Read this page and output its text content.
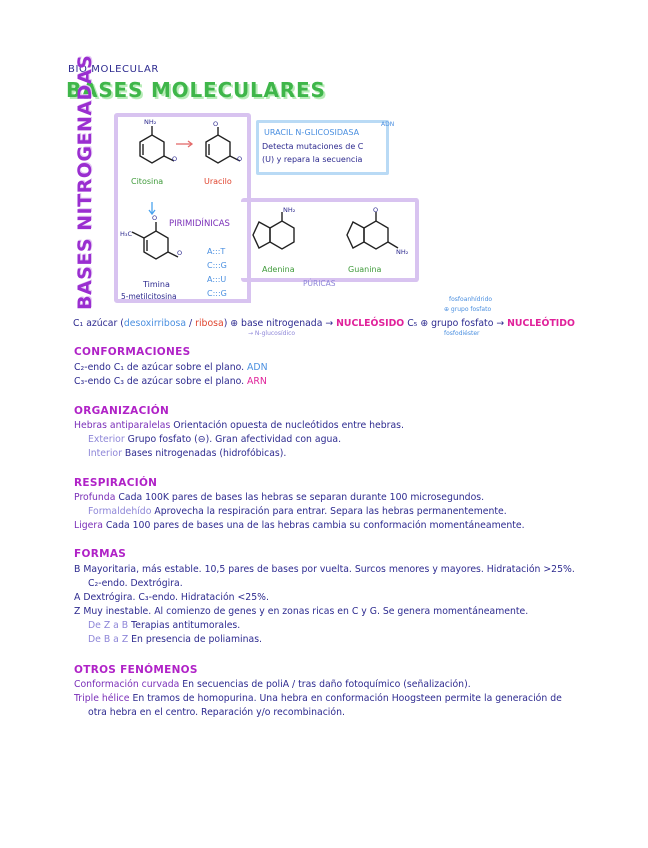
BIO MOLECULAR
BASES MOLECULARES
BASES NITROGENADAS	NH₂	O
O
O
H₃C
O
O
NH₂	O
NH₂
Citosina	Uracilo
Timina
5-metilcitosina
Adenina	Guanina
PIRIMIDÍNICAS
PÚRICAS
A:::T
C:::G
A:::U
C:::G
URACIL N-GLICOSIDASA
ADN
Detecta mutaciones de C
(U) y repara la secuencia
fosfoanhídrido
⊕ grupo fosfato
C₁ azúcar (desoxirribosa / ribosa) ⊕ base nitrogenada → NUCLEÓSIDO C₅ ⊕ grupo fosfato → NUCLEÓTIDO
→ N-glucosídico	fosfodiéster
CONFORMACIONES
C₂-endo C₁ de azúcar sobre el plano. ADN
C₃-endo C₃ de azúcar sobre el plano. ARN
ORGANIZACIÓN
Hebras antiparalelas Orientación opuesta de nucleótidos entre hebras.
Exterior Grupo fosfato (⊖). Gran afectividad con agua.
Interior Bases nitrogenadas (hidrofóbicas).
RESPIRACIÓN
Profunda Cada 100K pares de bases las hebras se separan durante 100 microsegundos.
Formaldehído Aprovecha la respiración para entrar. Separa las hebras permanentemente.
Ligera Cada 100 pares de bases una de las hebras cambia su conformación momentáneamente.
FORMAS
B Mayoritaria, más estable. 10,5 pares de bases por vuelta. Surcos menores y mayores. Hidratación >25%.
C₂-endo. Dextrógira.
A Dextrógira. C₃-endo. Hidratación <25%.
Z Muy inestable. Al comienzo de genes y en zonas ricas en C y G. Se genera momentáneamente.
De Z a B Terapias antitumorales.
De B a Z En presencia de poliaminas.
OTROS FENÓMENOS
Conformación curvada En secuencias de poliA / tras daño fotoquímico (señalización).
Triple hélice En tramos de homopurina. Una hebra en conformación Hoogsteen permite la generación de
otra hebra en el centro. Reparación y/o recombinación.
